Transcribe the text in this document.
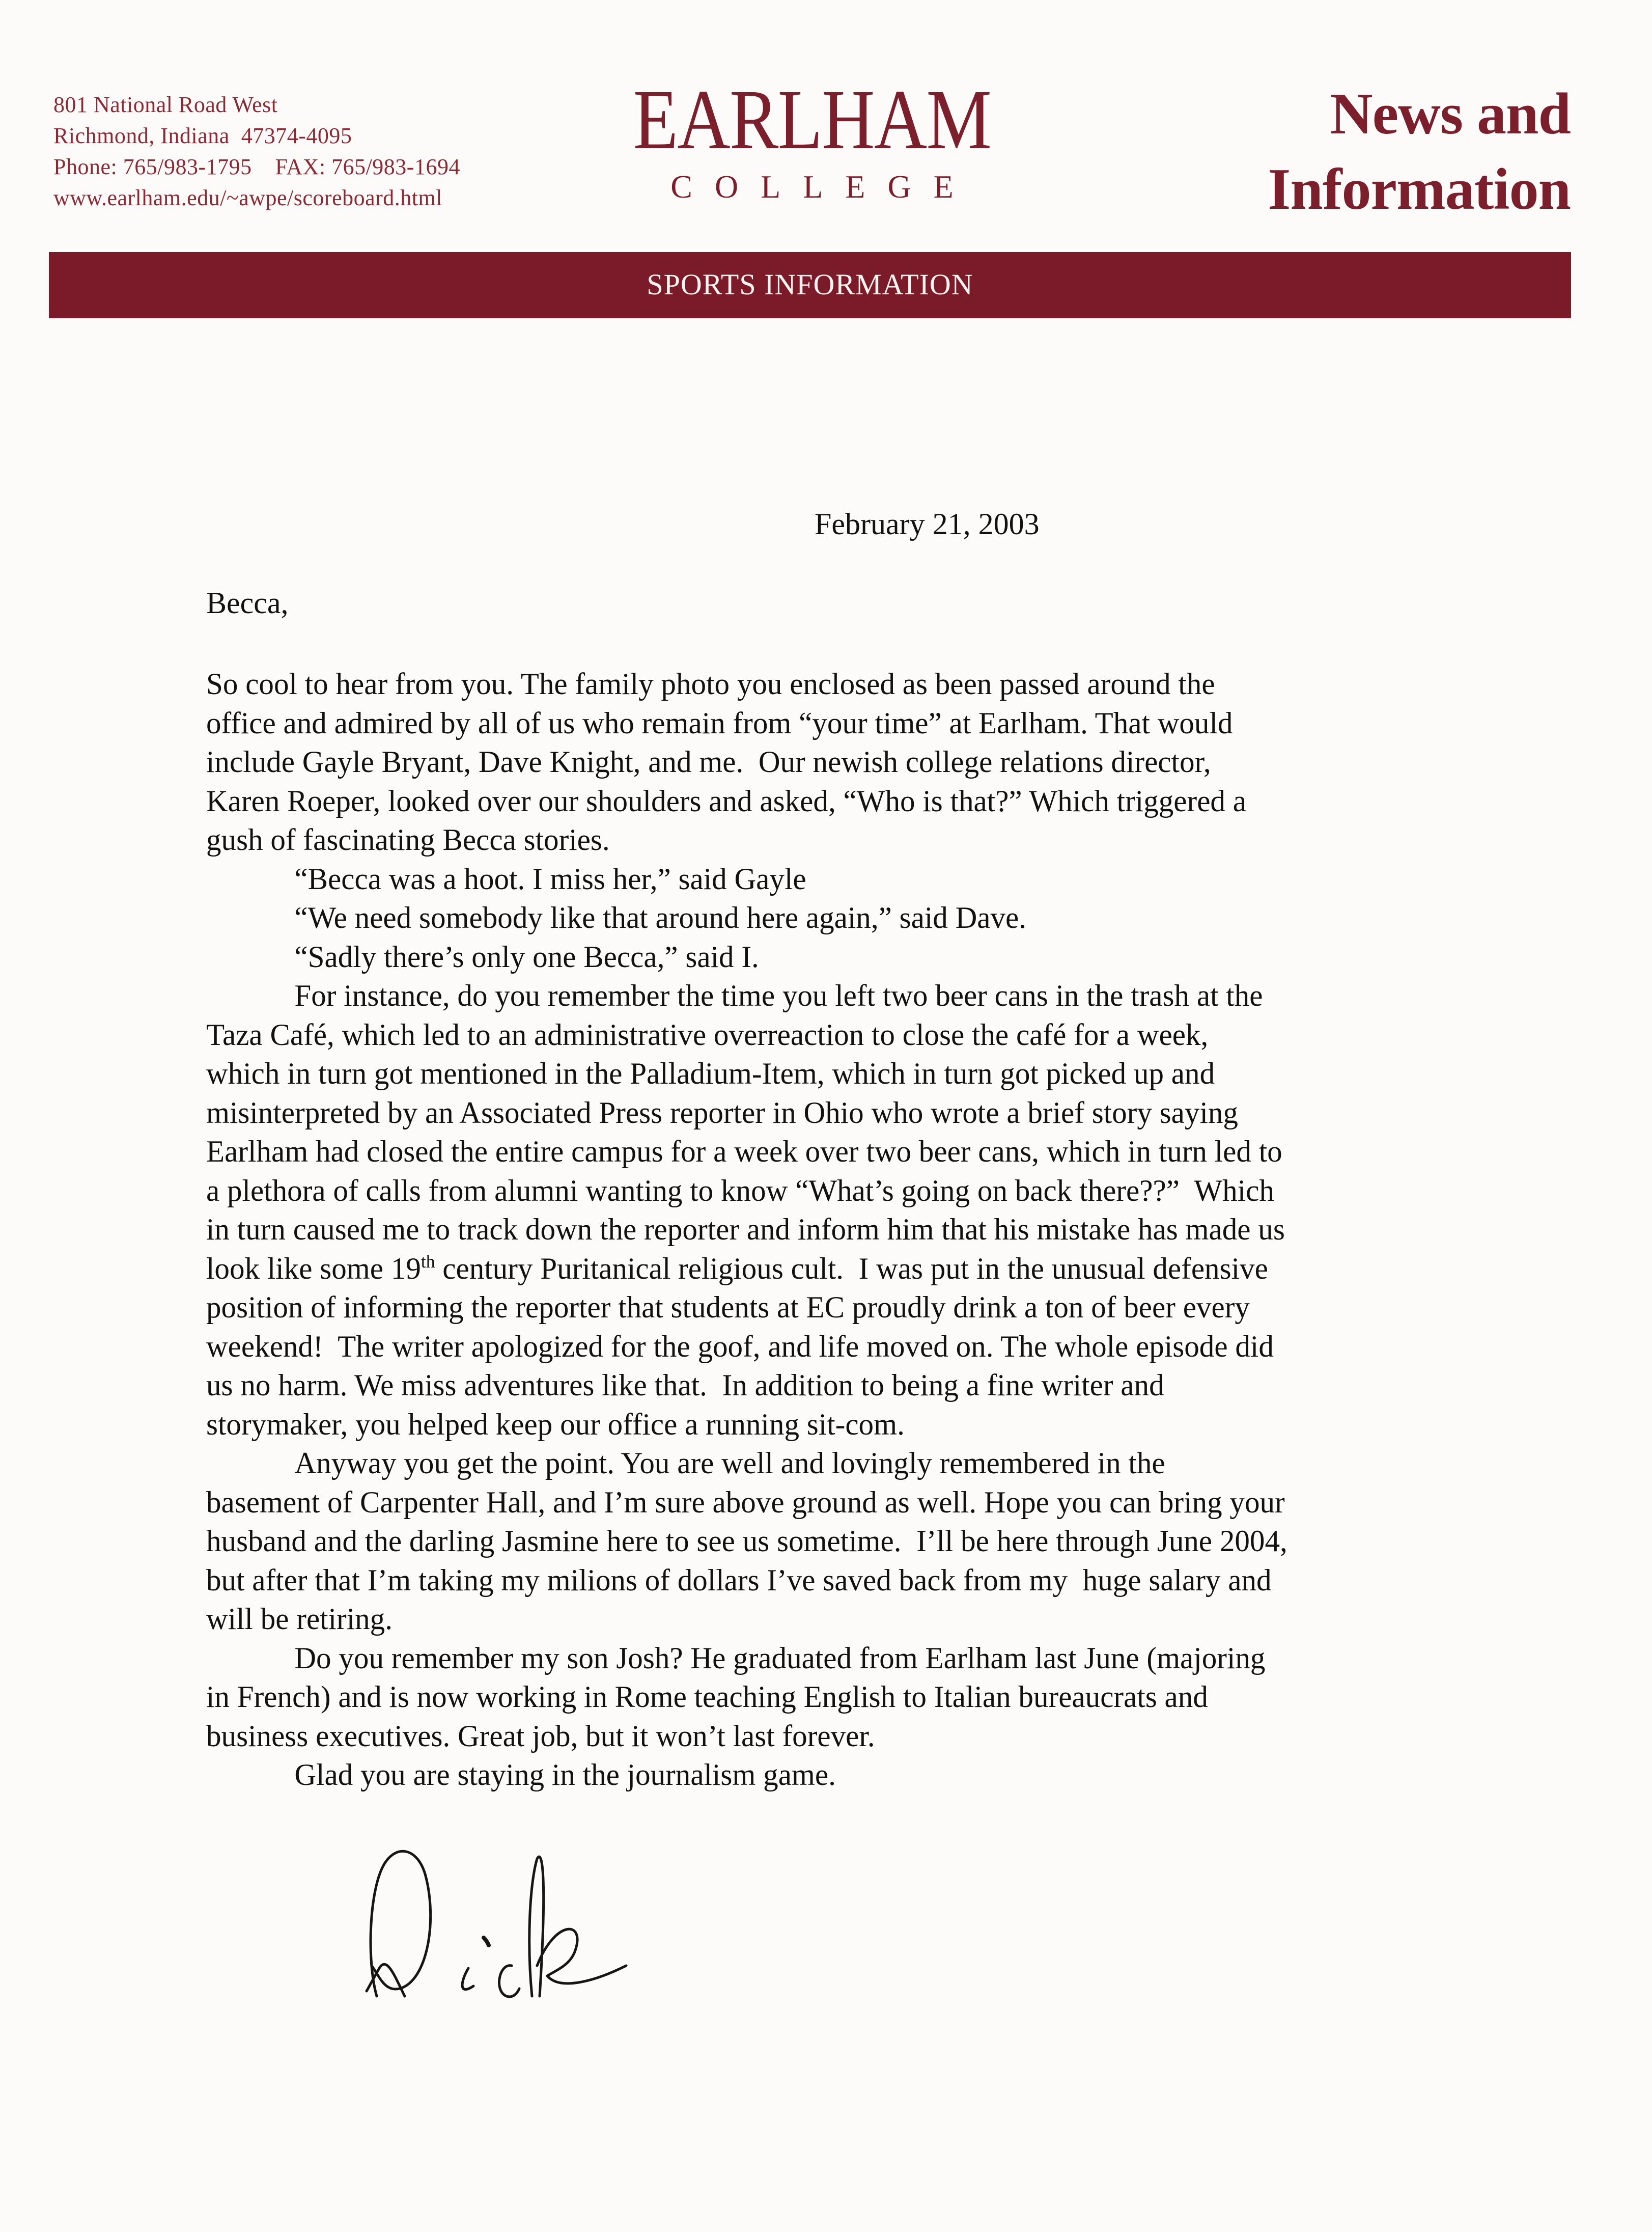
801 National Road West
Richmond, Indiana  47374-4095
Phone: 765/983-1795    FAX: 765/983-1694
www.earlham.edu/~awpe/scoreboard.html
EARLHAM
COLLEGE
News and
Information
SPORTS INFORMATION
February 21, 2003
Becca,
So cool to hear from you. The family photo you enclosed as been passed around the
office and admired by all of us who remain from “your time” at Earlham. That would
include Gayle Bryant, Dave Knight, and me.  Our newish college relations director,
Karen Roeper, looked over our shoulders and asked, “Who is that?” Which triggered a
gush of fascinating Becca stories.
“Becca was a hoot. I miss her,” said Gayle
“We need somebody like that around here again,” said Dave.
“Sadly there’s only one Becca,” said I.
For instance, do you remember the time you left two beer cans in the trash at the
Taza Café, which led to an administrative overreaction to close the café for a week,
which in turn got mentioned in the Palladium-Item, which in turn got picked up and
misinterpreted by an Associated Press reporter in Ohio who wrote a brief story saying
Earlham had closed the entire campus for a week over two beer cans, which in turn led to
a plethora of calls from alumni wanting to know “What’s going on back there??”  Which
in turn caused me to track down the reporter and inform him that his mistake has made us
look like some 19th century Puritanical religious cult.  I was put in the unusual defensive
position of informing the reporter that students at EC proudly drink a ton of beer every
weekend!  The writer apologized for the goof, and life moved on. The whole episode did
us no harm. We miss adventures like that.  In addition to being a fine writer and
storymaker, you helped keep our office a running sit-com.
Anyway you get the point. You are well and lovingly remembered in the
basement of Carpenter Hall, and I’m sure above ground as well. Hope you can bring your
husband and the darling Jasmine here to see us sometime.  I’ll be here through June 2004,
but after that I’m taking my milions of dollars I’ve saved back from my  huge salary and
will be retiring.
Do you remember my son Josh? He graduated from Earlham last June (majoring
in French) and is now working in Rome teaching English to Italian bureaucrats and
business executives. Great job, but it won’t last forever.
Glad you are staying in the journalism game.
